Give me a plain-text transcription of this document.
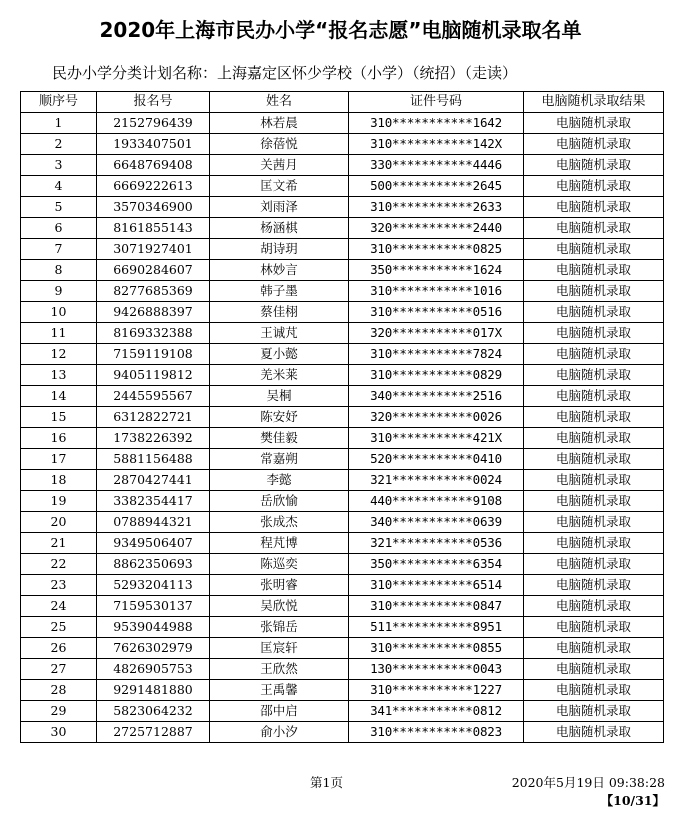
2020年上海市民办小学“报名志愿”电脑随机录取名单
民办小学分类计划名称：上海嘉定区怀少学校（小学）（统招）（走读）
顺序号	报名号	姓名	证件号码	电脑随机录取结果
1	2152796439	林若晨	310***********1642	电脑随机录取
2	1933407501	徐蓓悦	310***********142X	电脑随机录取
3	6648769408	关茜月	330***********4446	电脑随机录取
4	6669222613	匡文希	500***********2645	电脑随机录取
5	3570346900	刘雨泽	310***********2633	电脑随机录取
6	8161855143	杨涵棋	320***********2440	电脑随机录取
7	3071927401	胡诗玥	310***********0825	电脑随机录取
8	6690284607	林妙言	350***********1624	电脑随机录取
9	8277685369	韩子墨	310***********1016	电脑随机录取
10	9426888397	蔡佳栩	310***********0516	电脑随机录取
11	8169332388	王诚芃	320***********017X	电脑随机录取
12	7159119108	夏小懿	310***********7824	电脑随机录取
13	9405119812	羌米莱	310***********0829	电脑随机录取
14	2445595567	吴桐	340***********2516	电脑随机录取
15	6312822721	陈安妤	320***********0026	电脑随机录取
16	1738226392	樊佳毅	310***********421X	电脑随机录取
17	5881156488	常嘉朔	520***********0410	电脑随机录取
18	2870427441	李懿	321***********0024	电脑随机录取
19	3382354417	岳欣愉	440***********9108	电脑随机录取
20	0788944321	张成杰	340***********0639	电脑随机录取
21	9349506407	程芃博	321***********0536	电脑随机录取
22	8862350693	陈巡奕	350***********6354	电脑随机录取
23	5293204113	张明睿	310***********6514	电脑随机录取
24	7159530137	吴欣悦	310***********0847	电脑随机录取
25	9539044988	张锦岳	511***********8951	电脑随机录取
26	7626302979	匡宸轩	310***********0855	电脑随机录取
27	4826905753	王欣然	130***********0043	电脑随机录取
28	9291481880	王禹馨	310***********1227	电脑随机录取
29	5823064232	邵中启	341***********0812	电脑随机录取
30	2725712887	俞小汐	310***********0823	电脑随机录取
第1页	2020年5月19日 09:38:28
【10/31】
